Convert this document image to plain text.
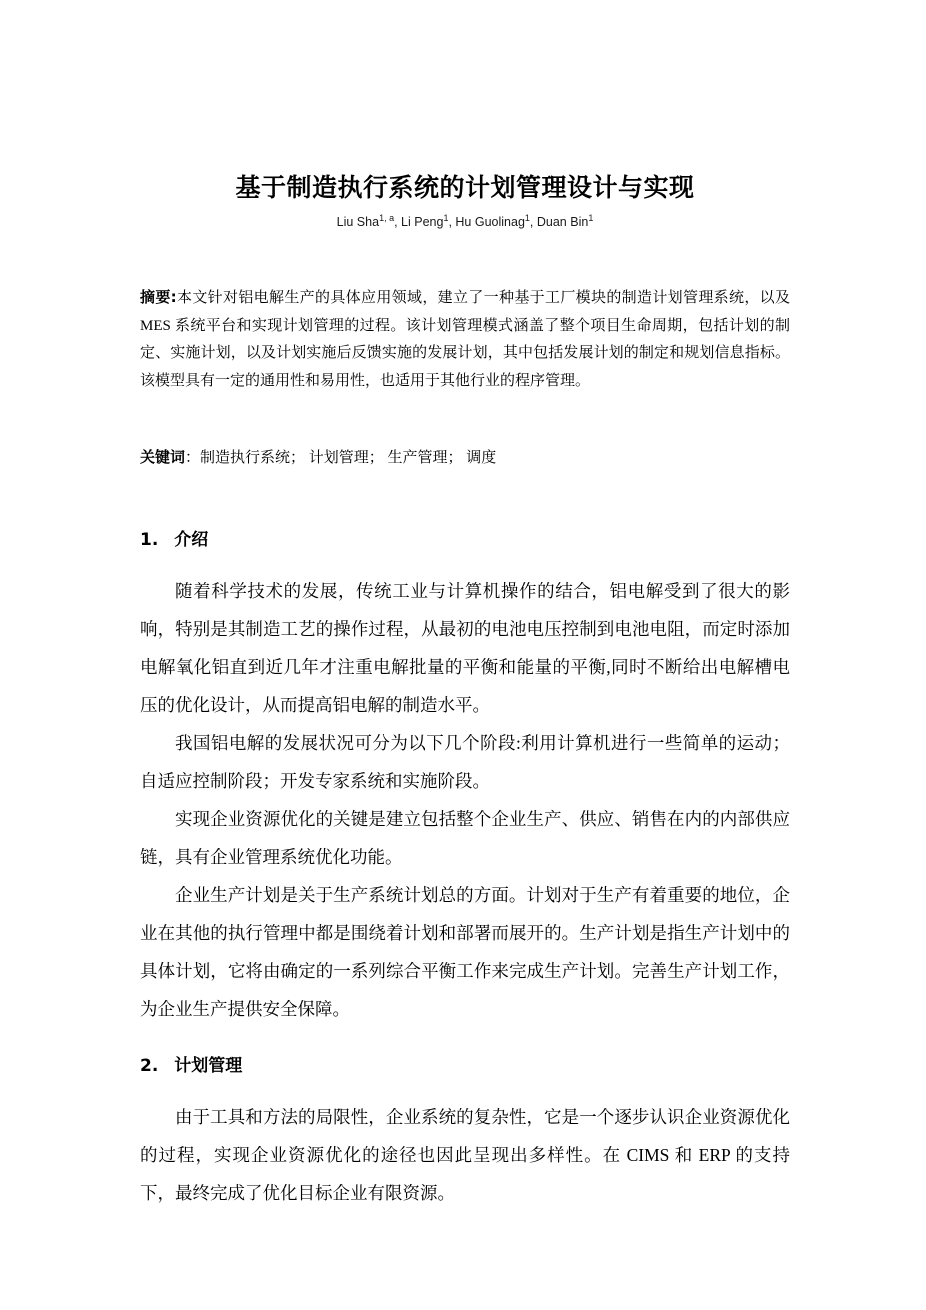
基于制造执行系统的计划管理设计与实现
Liu Sha$^{1, a}$, Li Peng$^1$, Hu Guolinag$^1$, Duan Bin$^1$

摘要:本文针对铝电解生产的具体应用领域，建立了一种基于工厂模块的制造计划管理系统，以及 MES 系统平台和实现计划管理的过程。该计划管理模式涵盖了整个项目生命周期，包括计划的制定、实施计划，以及计划实施后反馈实施的发展计划，其中包括发展计划的制定和规划信息指标。该模型具有一定的通用性和易用性，也适用于其他行业的程序管理。

关键词：制造执行系统； 计划管理； 生产管理； 调度

1. 介绍

随着科学技术的发展，传统工业与计算机操作的结合，铝电解受到了很大的影响，特别是其制造工艺的操作过程，从最初的电池电压控制到电池电阻，而定时添加电解氧化铝直到近几年才注重电解批量的平衡和能量的平衡,同时不断给出电解槽电压的优化设计，从而提高铝电解的制造水平。

我国铝电解的发展状况可分为以下几个阶段:利用计算机进行一些简单的运动；自适应控制阶段；开发专家系统和实施阶段。

实现企业资源优化的关键是建立包括整个企业生产、供应、销售在内的内部供应链，具有企业管理系统优化功能。

企业生产计划是关于生产系统计划总的方面。计划对于生产有着重要的地位，企业在其他的执行管理中都是围绕着计划和部署而展开的。生产计划是指生产计划中的具体计划，它将由确定的一系列综合平衡工作来完成生产计划。完善生产计划工作，为企业生产提供安全保障。

2. 计划管理

由于工具和方法的局限性，企业系统的复杂性，它是一个逐步认识企业资源优化的过程，实现企业资源优化的途径也因此呈现出多样性。在 CIMS 和 ERP 的支持下，最终完成了优化目标企业有限资源。
